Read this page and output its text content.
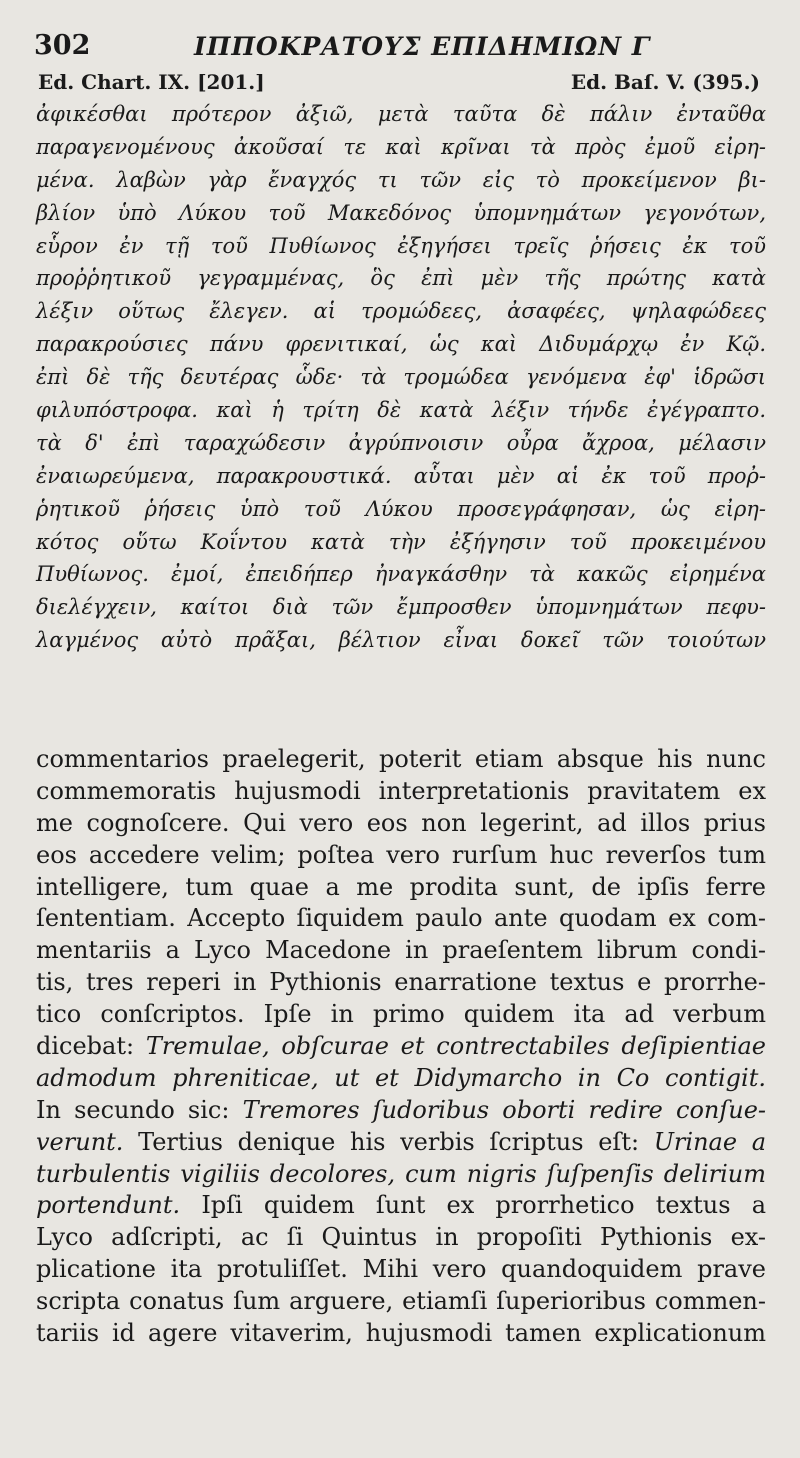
302	ΙΠΠΟΚΡΑΤΟΥΣ ΕΠΙΔΗΜΙΩΝ Γ
Ed. Chart. IX. [201.]	Ed. Baſ. V. (395.)
ἀφικέσθαι πρότερον ἀξιῶ, μετὰ ταῦτα δὲ πάλιν ἐνταῦθα
παραγενομένους ἀκοῦσαί τε καὶ κρῖναι τὰ πρὸς ἐμοῦ εἰρη-
μένα. λαβὼν γὰρ ἔναγχός τι τῶν εἰς τὸ προκείμενον βι-
βλίον ὑπὸ Λύκου τοῦ Μακεδόνος ὑπομνημάτων γεγονότων,
εὗρον ἐν τῇ τοῦ Πυθίωνος ἐξηγήσει τρεῖς ῥήσεις ἐκ τοῦ
προῤῥητικοῦ γεγραμμένας, ὃς ἐπὶ μὲν τῆς πρώτης κατὰ
λέξιν οὕτως ἔλεγεν. αἱ τρομώδεες, ἀσαφέες, ψηλαφώδεες
παρακρούσιες πάνυ φρενιτικαί, ὡς καὶ Διδυμάρχῳ ἐν Κῷ.
ἐπὶ δὲ τῆς δευτέρας ὧδε· τὰ τρομώδεα γενόμενα ἐφ' ἱδρῶσι
φιλυπόστροφα. καὶ ἡ τρίτη δὲ κατὰ λέξιν τήνδε ἐγέγραπτο.
τὰ δ' ἐπὶ ταραχώδεσιν ἀγρύπνοισιν οὖρα ἄχροα, μέλασιν
ἐναιωρεύμενα, παρακρουστικά. αὗται μὲν αἱ ἐκ τοῦ προῤ-
ῥητικοῦ ῥήσεις ὑπὸ τοῦ Λύκου προσεγράφησαν, ὡς εἰρη-
κότος οὕτω Κοΐντου κατὰ τὴν ἐξήγησιν τοῦ προκειμένου
Πυθίωνος. ἐμοί, ἐπειδήπερ ἠναγκάσθην τὰ κακῶς εἰρημένα
διελέγχειν, καίτοι διὰ τῶν ἔμπροσθεν ὑπομνημάτων πεφυ-
λαγμένος αὐτὸ πρᾶξαι, βέλτιον εἶναι δοκεῖ τῶν τοιούτων
commentarios praelegerit, poterit etiam absque his nunc
commemoratis hujusmodi interpretationis pravitatem ex
me cognoſcere. Qui vero eos non legerint, ad illos prius
eos accedere velim; poſtea vero rurſum huc reverſos tum
intelligere, tum quae a me prodita sunt, de ipſis ferre
ſententiam. Accepto ſiquidem paulo ante quodam ex com-
mentariis a Lyco Macedone in praeſentem librum condi-
tis, tres reperi in Pythionis enarratione textus e prorrhe-
tico conſcriptos. Ipſe in primo quidem ita ad verbum
dicebat: Tremulae, obſcurae et contrectabiles deſipientiae
admodum phreniticae, ut et Didymarcho in Co contigit.
In secundo sic: Tremores ſudoribus oborti redire conſue-
verunt. Tertius denique his verbis ſcriptus eſt: Urinae a
turbulentis vigiliis decolores, cum nigris ſuſpenſis delirium
portendunt. Ipſi quidem ſunt ex prorrhetico textus a
Lyco adſcripti, ac ſi Quintus in propoſiti Pythionis ex-
plicatione ita protuliſſet. Mihi vero quandoquidem prave
scripta conatus ſum arguere, etiamſi ſuperioribus commen-
tariis id agere vitaverim, hujusmodi tamen explicationum
